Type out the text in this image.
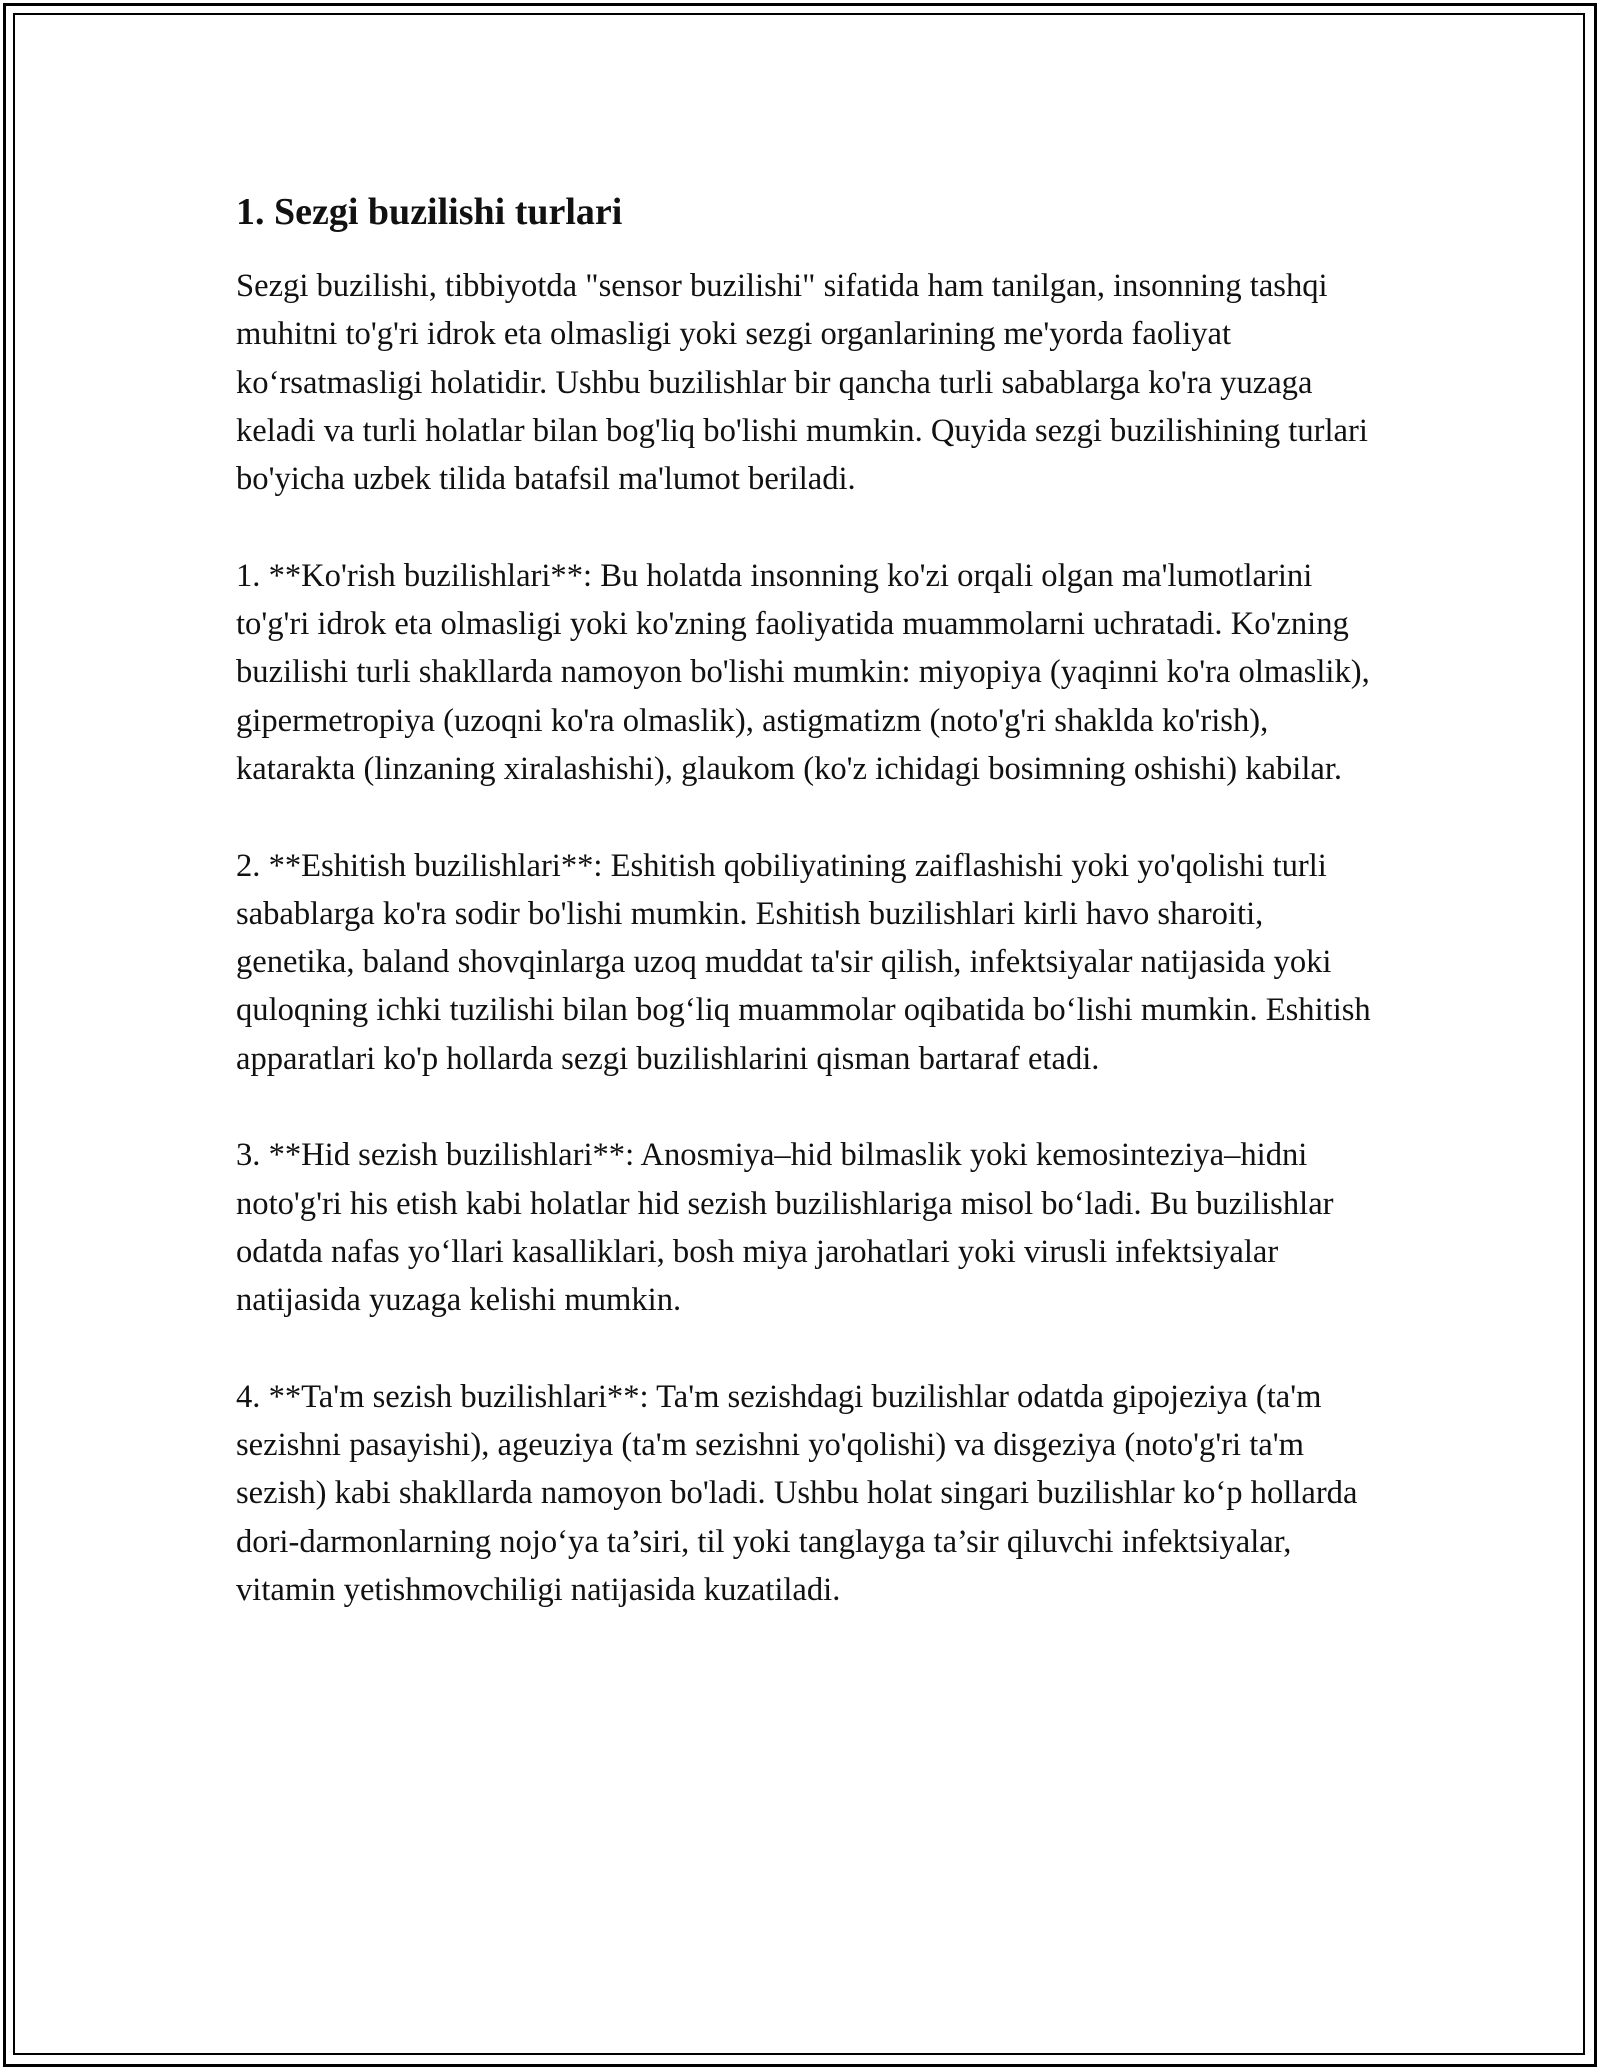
1. Sezgi buzilishi turlari

Sezgi buzilishi, tibbiyotda "sensor buzilishi" sifatida ham tanilgan, insonning tashqi muhitni to'g'ri idrok eta olmasligi yoki sezgi organlarining me'yorda faoliyat ko‘rsatmasligi holatidir. Ushbu buzilishlar bir qancha turli sabablarga ko'ra yuzaga keladi va turli holatlar bilan bog'liq bo'lishi mumkin. Quyida sezgi buzilishining turlari bo'yicha uzbek tilida batafsil ma'lumot beriladi.

1. **Ko'rish buzilishlari**: Bu holatda insonning ko'zi orqali olgan ma'lumotlarini to'g'ri idrok eta olmasligi yoki ko'zning faoliyatida muammolarni uchratadi. Ko'zning buzilishi turli shakllarda namoyon bo'lishi mumkin: miyopiya (yaqinni ko'ra olmaslik), gipermetropiya (uzoqni ko'ra olmaslik), astigmatizm (noto'g'ri shaklda ko'rish), katarakta (linzaning xiralashishi), glaukom (ko'z ichidagi bosimning oshishi) kabilar.

2. **Eshitish buzilishlari**: Eshitish qobiliyatining zaiflashishi yoki yo'qolishi turli sabablarga ko'ra sodir bo'lishi mumkin. Eshitish buzilishlari kirli havo sharoiti, genetika, baland shovqinlarga uzoq muddat ta'sir qilish, infektsiyalar natijasida yoki quloqning ichki tuzilishi bilan bog‘liq muammolar oqibatida bo‘lishi mumkin. Eshitish apparatlari ko'p hollarda sezgi buzilishlarini qisman bartaraf etadi.

3. **Hid sezish buzilishlari**: Anosmiya–hid bilmaslik yoki kemosinteziya–hidni noto'g'ri his etish kabi holatlar hid sezish buzilishlariga misol bo‘ladi. Bu buzilishlar odatda nafas yo‘llari kasalliklari, bosh miya jarohatlari yoki virusli infektsiyalar natijasida yuzaga kelishi mumkin.

4. **Ta'm sezish buzilishlari**: Ta'm sezishdagi buzilishlar odatda gipojeziya (ta'm sezishni pasayishi), ageuziya (ta'm sezishni yo'qolishi) va disgeziya (noto'g'ri ta'm sezish) kabi shakllarda namoyon bo'ladi. Ushbu holat singari buzilishlar ko‘p hollarda dori-darmonlarning nojo‘ya ta’siri, til yoki tanglayga ta’sir qiluvchi infektsiyalar, vitamin yetishmovchiligi natijasida kuzatiladi.
